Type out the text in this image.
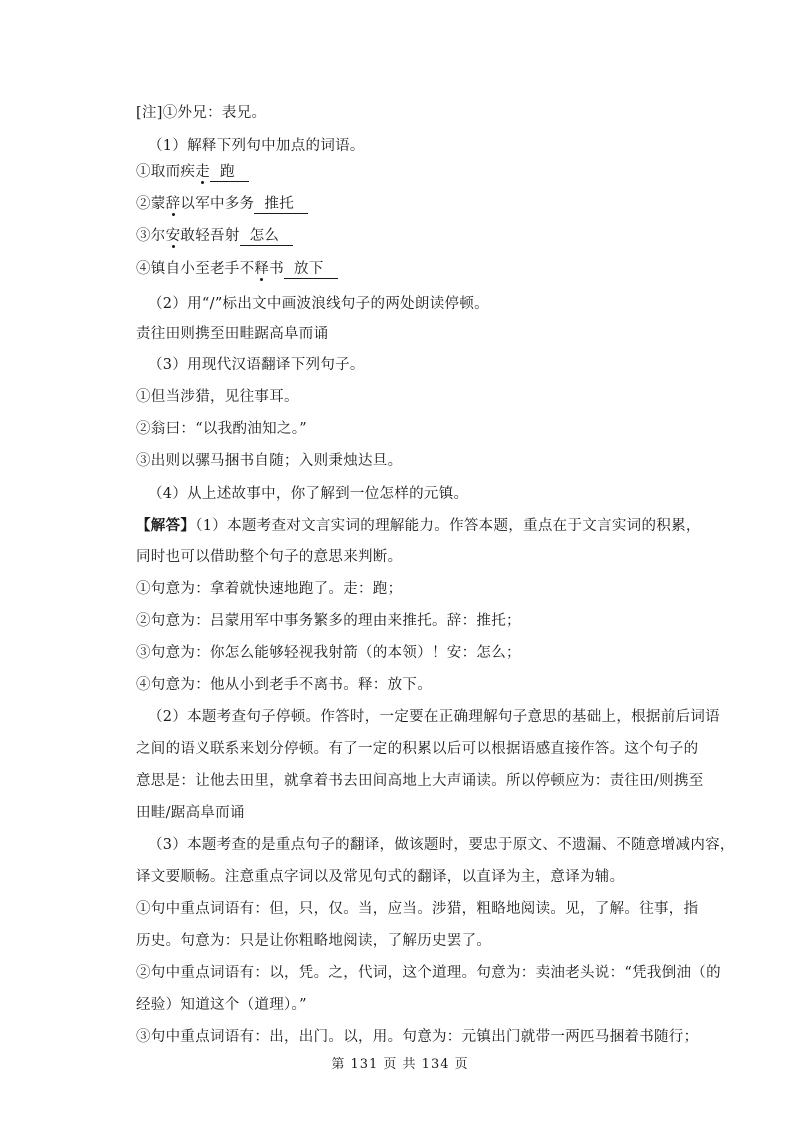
[注]①外兄：表兄。
（1）解释下列句中加点的词语。
①取而疾走 跑
②蒙辞以军中多务 推托
③尔安敢轻吾射 怎么
④镇自小至老手不释书 放下
（2）用“/”标出文中画波浪线句子的两处朗读停顿。
责往田则携至田畦踞高阜而诵
（3）用现代汉语翻译下列句子。
①但当涉猎，见往事耳。
②翁曰：“以我酌油知之。”
③出则以骡马捆书自随；入则秉烛达旦。
（4）从上述故事中，你了解到一位怎样的元镇。
【解答】（1）本题考查对文言实词的理解能力。作答本题，重点在于文言实词的积累，
同时也可以借助整个句子的意思来判断。
①句意为：拿着就快速地跑了。走：跑；
②句意为：吕蒙用军中事务繁多的理由来推托。辞：推托；
③句意为：你怎么能够轻视我射箭（的本领）！安：怎么；
④句意为：他从小到老手不离书。释：放下。
（2）本题考查句子停顿。作答时，一定要在正确理解句子意思的基础上，根据前后词语
之间的语义联系来划分停顿。有了一定的积累以后可以根据语感直接作答。这个句子的
意思是：让他去田里，就拿着书去田间高地上大声诵读。所以停顿应为：责往田/则携至
田畦/踞高阜而诵
（3）本题考查的是重点句子的翻译，做该题时，要忠于原文、不遗漏、不随意增减内容，
译文要顺畅。注意重点字词以及常见句式的翻译，以直译为主，意译为辅。
①句中重点词语有：但，只，仅。当，应当。涉猎，粗略地阅读。见，了解。往事，指
历史。句意为：只是让你粗略地阅读，了解历史罢了。
②句中重点词语有：以，凭。之，代词，这个道理。句意为：卖油老头说：“凭我倒油（的
经验）知道这个（道理）。”
③句中重点词语有：出，出门。以，用。句意为：元镇出门就带一两匹马捆着书随行；
第 131 页 共 134 页
